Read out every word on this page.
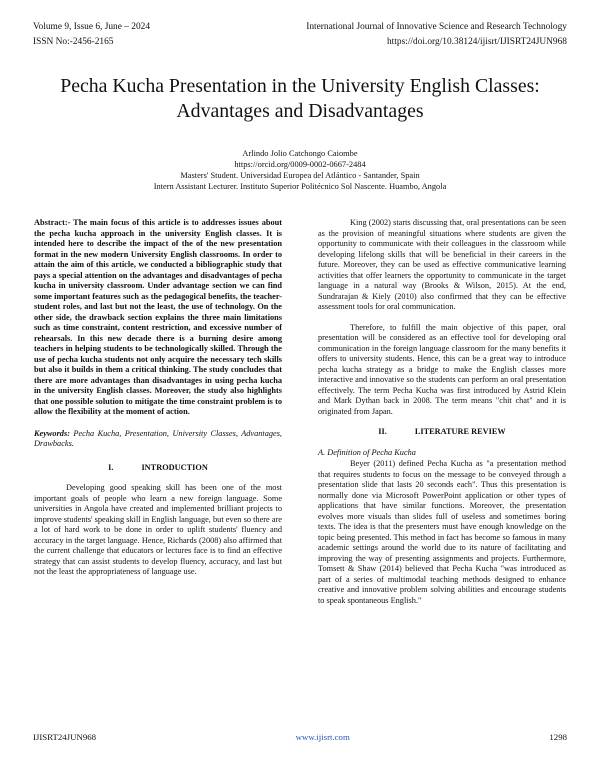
Volume 9, Issue 6, June – 2024	International Journal of Innovative Science and Research Technology
ISSN No:-2456-2165	https://doi.org/10.38124/ijisrt/IJISRT24JUN968
Pecha Kucha Presentation in the University English Classes: Advantages and Disadvantages
Arlindo Jolio Catchongo Caiombe
https://orcid.org/0009-0002-0667-2484
Masters' Student. Universidad Europea del Atlántico - Santander, Spain
Intern Assistant Lecturer. Instituto Superior Politécnico Sol Nascente. Huambo, Angola

Abstract:- The main focus of this article is to addresses issues about the pecha kucha approach in the university English classes. It is intended here to describe the impact of the of the new presentation format in the new modern University English classrooms. In order to attain the aim of this article, we conducted a bibliographic study that pays a special attention on the advantages and disadvantages of pecha kucha in university classroom. Under advantage section we can find some important features such as the pedagogical benefits, the teacher-student roles, and last but not the least, the use of technology. On the other side, the drawback section explains the three main limitations such as time constraint, content restriction, and excessive number of rehearsals. In this new decade there is a burning desire among teachers in helping students to be technologically skilled. Through the use of pecha kucha students not only acquire the necessary tech skills but also it builds in them a critical thinking. The study concludes that there are more advantages than disadvantages in using pecha kucha in the university English classes. Moreover, the study also highlights that one possible solution to mitigate the time constraint problem is to allow the flexibility at the moment of action.

Keywords: Pecha Kucha, Presentation, University Classes, Advantages, Drawbacks.

I.	INTRODUCTION

Developing good speaking skill has been one of the most important goals of people who learn a new foreign language. Some universities in Angola have created and implemented brilliant projects to improve students' speaking skill in English language, but even so there are a lot of hard work to be done in order to uplift students' fluency and accuracy in the target language. Hence, Richards (2008) also affirmed that the current challenge that educators or lectures face is to find an effective strategy that can assist students to develop fluency, accuracy, and last but not the least the appropriateness of language use.

King (2002) starts discussing that, oral presentations can be seen as the provision of meaningful situations where students are given the opportunity to communicate with their colleagues in the classroom while developing lifelong skills that will be beneficial in their careers in the future. Moreover, they can be used as effective communicative learning activities that offer learners the opportunity to communicate in the target language in a natural way (Brooks & Wilson, 2015). At the end, Sundrarajan & Kiely (2010) also confirmed that they can be effective assessment tools for oral communication.

Therefore, to fulfill the main objective of this paper, oral presentation will be considered as an effective tool for developing oral communication in the foreign language classroom for the many benefits it offers to university students. Hence, this can be a great way to introduce pecha kucha strategy as a bridge to make the English classes more interactive and innovative so the students can perform an oral presentation effectively. The term Pecha Kucha was first introduced by Astrid Klein and Mark Dythan back in 2008. The term means "chit chat" and it is originated from Japan.

II.	LITERATURE REVIEW
A. Definition of Pecha Kucha

Beyer (2011) defined Pecha Kucha as "a presentation method that requires students to focus on the message to be conveyed through a presentation slide that lasts 20 seconds each". Thus this presentation is normally done via Microsoft PowerPoint application or other types of applications that have similar functions. Moreover, the presentation evolves more visuals than slides full of useless and sometimes boring texts. The idea is that the presenters must have enough knowledge on the topic being presented. This method in fact has become so famous in many academic settings around the world due to its nature of facilitating and improving the way of presenting assignments and projects. Furthermore, Tomsett & Shaw (2014) believed that Pecha Kucha "was introduced as part of a series of multimodal teaching methods designed to enhance creative and innovative problem solving abilities and encourage students to speak spontaneous English."

IJISRT24JUN968	www.ijisrt.com	1298
